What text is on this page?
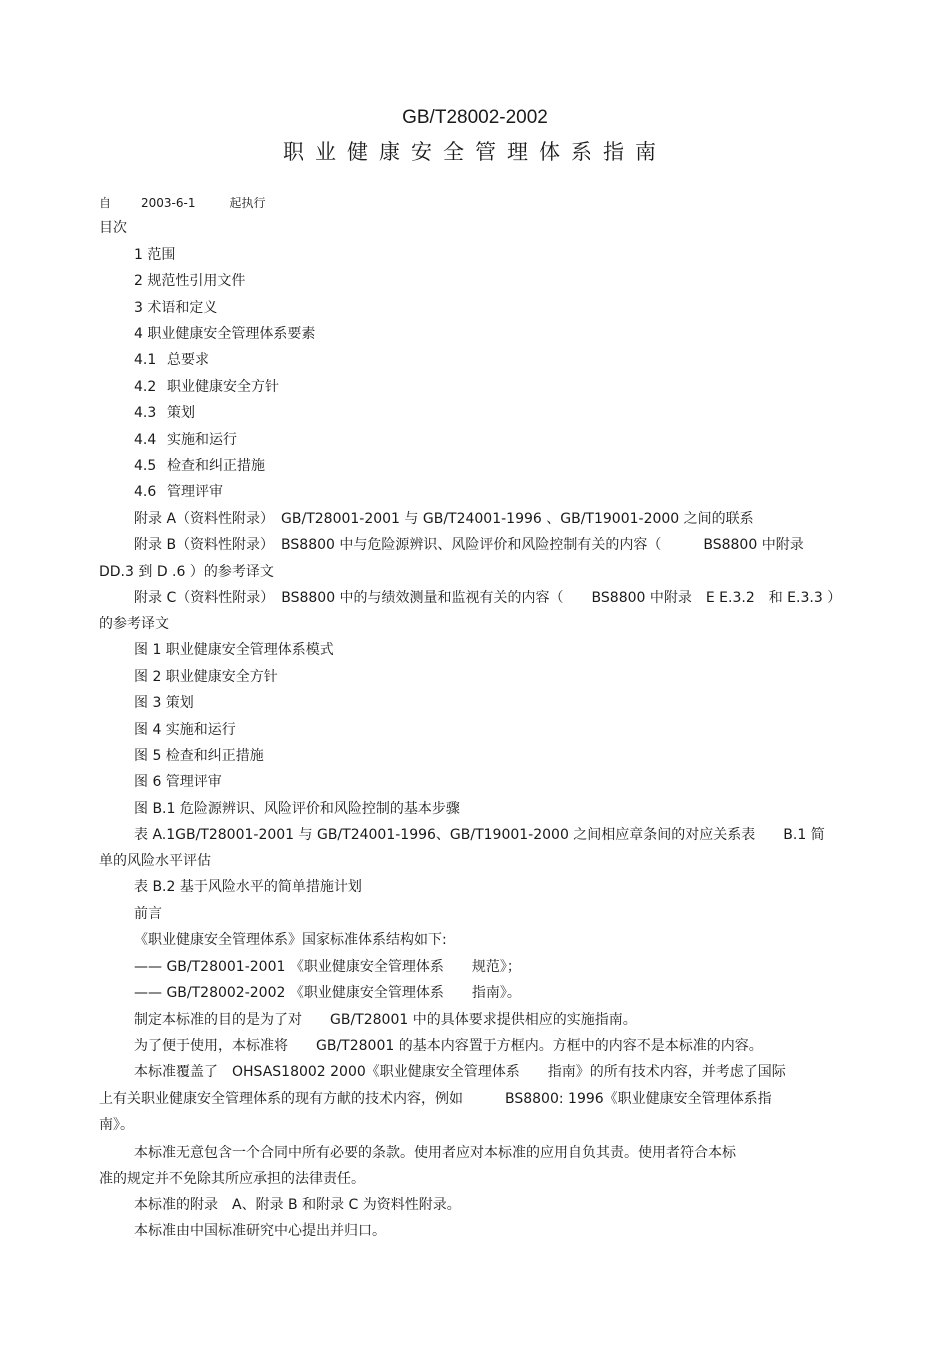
GB/T28002-2002
职业健康安全管理体系指南
自	2003-6-1	起执行
目次
1 范围
2 规范性引用文件
3 术语和定义
4 职业健康安全管理体系要素
4.1 总要求
4.2 职业健康安全方针
4.3 策划
4.4 实施和运行
4.5 检查和纠正措施
4.6 管理评审
附录 A（资料性附录）　GB/T28001-2001 与 GB/T24001-1996 、GB/T19001-2000 之间的联系
附录 B（资料性附录）　BS8800 中与危险源辨识、风险评价和风险控制有关的内容（　　　BS8800 中附录
DD.3 到 D .6 ）的参考译文
附录 C（资料性附录）　BS8800 中的与绩效测量和监视有关的内容（　　BS8800 中附录　E E.3.2　和 E.3.3 ）
的参考译文
图 1 职业健康安全管理体系模式
图 2 职业健康安全方针
图 3 策划
图 4 实施和运行
图 5 检查和纠正措施
图 6 管理评审
图 B.1 危险源辨识、风险评价和风险控制的基本步骤
表 A.1GB/T28001-2001 与 GB/T24001-1996、GB/T19001-2000 之间相应章条间的对应关系表　　B.1 简
单的风险水平评估
表 B.2 基于风险水平的简单措施计划
前言
《职业健康安全管理体系》国家标准体系结构如下:
—— GB/T28001-2001 《职业健康安全管理体系　　规范》；
—— GB/T28002-2002 《职业健康安全管理体系　　指南》。
制定本标准的目的是为了对　　GB/T28001 中的具体要求提供相应的实施指南。
为了便于使用，本标准将　　GB/T28001 的基本内容置于方框内。方框中的内容不是本标准的内容。
本标准覆盖了　OHSAS18002 2000《职业健康安全管理体系　　指南》的所有技术内容，并考虑了国际
上有关职业健康安全管理体系的现有方献的技术内容，例如　　　BS8800: 1996《职业健康安全管理体系指
南》。
本标准无意包含一个合同中所有必要的条款。使用者应对本标准的应用自负其责。使用者符合本标
准的规定并不免除其所应承担的法律责任。
本标准的附录　A、附录 B 和附录 C 为资料性附录。
本标准由中国标准研究中心提出并归口。
